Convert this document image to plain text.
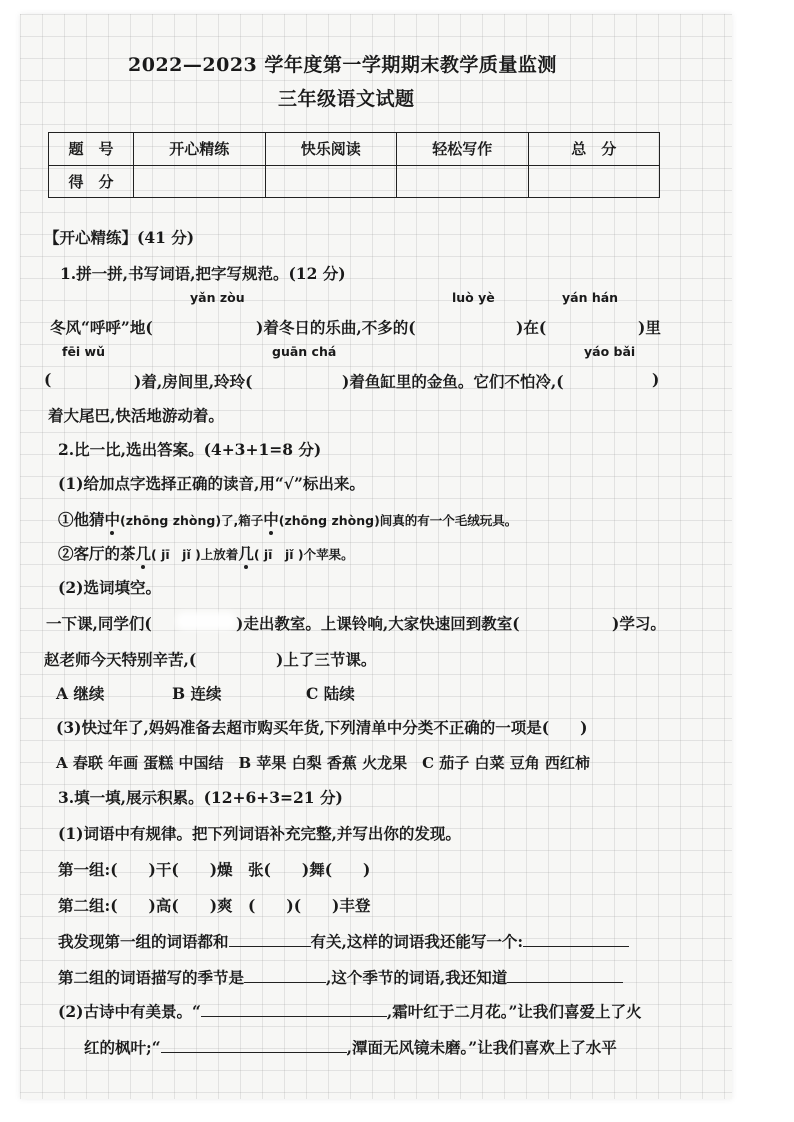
2022—2023 学年度第一学期期末教学质量监测
三年级语文试题
题　号	开心精练	快乐阅读	轻松写作	总　分
得　分				
【开心精练】(41 分)
1.拼一拼,书写词语,把字写规范。(12 分)
yǎn zòu	luò yè	yán hán
冬风“呼呼”地(	)着冬日的乐曲,不多的(	)在(	)里
fēi wǔ	guān chá	yáo bǎi
(	)着,房间里,玲玲(	)着鱼缸里的金鱼。它们不怕冷,(	)
着大尾巴,快活地游动着。
2.比一比,选出答案。(4+3+1=8 分)
(1)给加点字选择正确的读音,用“√”标出来。
①他猜中(zhōng zhòng)了,箱子中(zhōng zhòng)间真的有一个毛绒玩具。
②客厅的茶几( jī　jǐ )上放着几( jī　jǐ )个苹果。
(2)选词填空。
一下课,同学们(	)走出教室。上课铃响,大家快速回到教室(	)学习。
赵老师今天特别辛苦,(	)上了三节课。
A 继续	B 连续	C 陆续
(3)快过年了,妈妈准备去超市购买年货,下列清单中分类不正确的一项是(　　)
A 春联 年画 蛋糕 中国结　B 苹果 白梨 香蕉 火龙果　C 茄子 白菜 豆角 西红柿
3.填一填,展示积累。(12+6+3=21 分)
(1)词语中有规律。把下列词语补充完整,并写出你的发现。
第一组:(　　)干(　　)燥　张(　　)舞(　　)
第二组:(　　)高(　　)爽　(　　)(　　)丰登
我发现第一组的词语都和	有关,这样的词语我还能写一个:
第二组的词语描写的季节是	,这个季节的词语,我还知道
(2)古诗中有美景。“	,霜叶红于二月花。”让我们喜爱上了火
红的枫叶;“	,潭面无风镜未磨。”让我们喜欢上了水平
